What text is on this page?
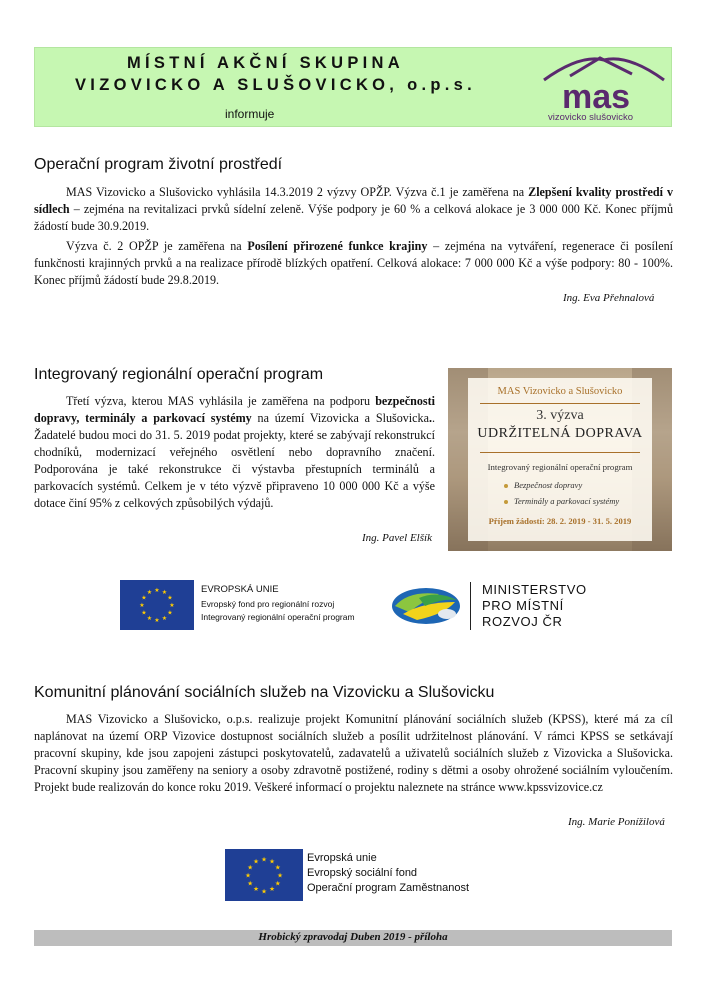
MÍSTNÍ AKČNÍ SKUPINA
VIZOVICKO A SLUŠOVICKO, o.p.s.
informuje	mas
vizovicko slušovicko
Operační program životní prostředí
MAS Vizovicko a Slušovicko vyhlásila 14.3.2019 2 výzvy OPŽP. Výzva č.1 je zaměřena na Zlepšení kvality prostředí v sídlech – zejména na revitalizaci prvků sídelní zeleně. Výše podpory je 60 % a celková alokace je 3 000 000 Kč. Konec příjmů žádostí bude 30.9.2019.
Výzva č. 2 OPŽP je zaměřena na Posílení přirozené funkce krajiny – zejména na vytváření, regenerace či posílení funkčnosti krajinných prvků a na realizace přírodě blízkých opatření. Celková alokace: 7 000 000 Kč a výše podpory: 80 - 100%. Konec příjmů žádostí bude 29.8.2019.
Ing. Eva Přehnalová
Integrovaný regionální operační program
Třetí výzva, kterou MAS vyhlásila je zaměřena na podporu bezpečnosti dopravy, terminály a parkovací systémy na území Vizovicka a Slušovicka.. Žadatelé budou moci do 31. 5. 2019 podat projekty, které se zabývají rekonstrukcí chodníků, modernizací veřejného osvětlení nebo dopravního značení. Podporována je také rekonstrukce či výstavba přestupních terminálů a parkovacích systémů. Celkem je v této výzvě připraveno 10 000 000 Kč a výše dotace činí 95% z celkových způsobilých výdajů.
Ing. Pavel Elšík
MAS Vizovicko a Slušovicko
3. výzva
UDRŽITELNÁ DOPRAVA
Integrovaný regionální operační program
Bezpečnost dopravy
Terminály a parkovací systémy
Příjem žádostí: 28. 2. 2019 - 31. 5. 2019
★ ★
★
★
★
★
★
★
★
★
★
★	EVROPSKÁ UNIE
Evropský fond pro regionální rozvoj
Integrovaný regionální operační program
MINISTERSTVO
PRO MÍSTNÍ
ROZVOJ ČR
Komunitní plánování sociálních služeb na Vizovicku a Slušovicku
MAS Vizovicko a Slušovicko, o.p.s. realizuje projekt Komunitní plánování sociálních služeb (KPSS), které má za cíl naplánovat na území ORP Vizovice dostupnost sociálních služeb a posílit udržitelnost plánování. V rámci KPSS se setkávají pracovní skupiny, kde jsou zapojeni zástupci poskytovatelů, zadavatelů a uživatelů sociálních služeb z Vizovicka a Slušovicka. Pracovní skupiny jsou zaměřeny na seniory a osoby zdravotně postižené, rodiny s dětmi a osoby ohrožené sociálním vyloučením. Projekt bude realizován do konce roku 2019. Veškeré informací o projektu naleznete na stránce www.kpssvizovice.cz
Ing. Marie Ponížilová
★ ★
★
★
★
★
★
★
★
★
★
★	Evropská unie
Evropský sociální fond
Operační program Zaměstnanost
Hrobický zpravodaj Duben 2019 - příloha
